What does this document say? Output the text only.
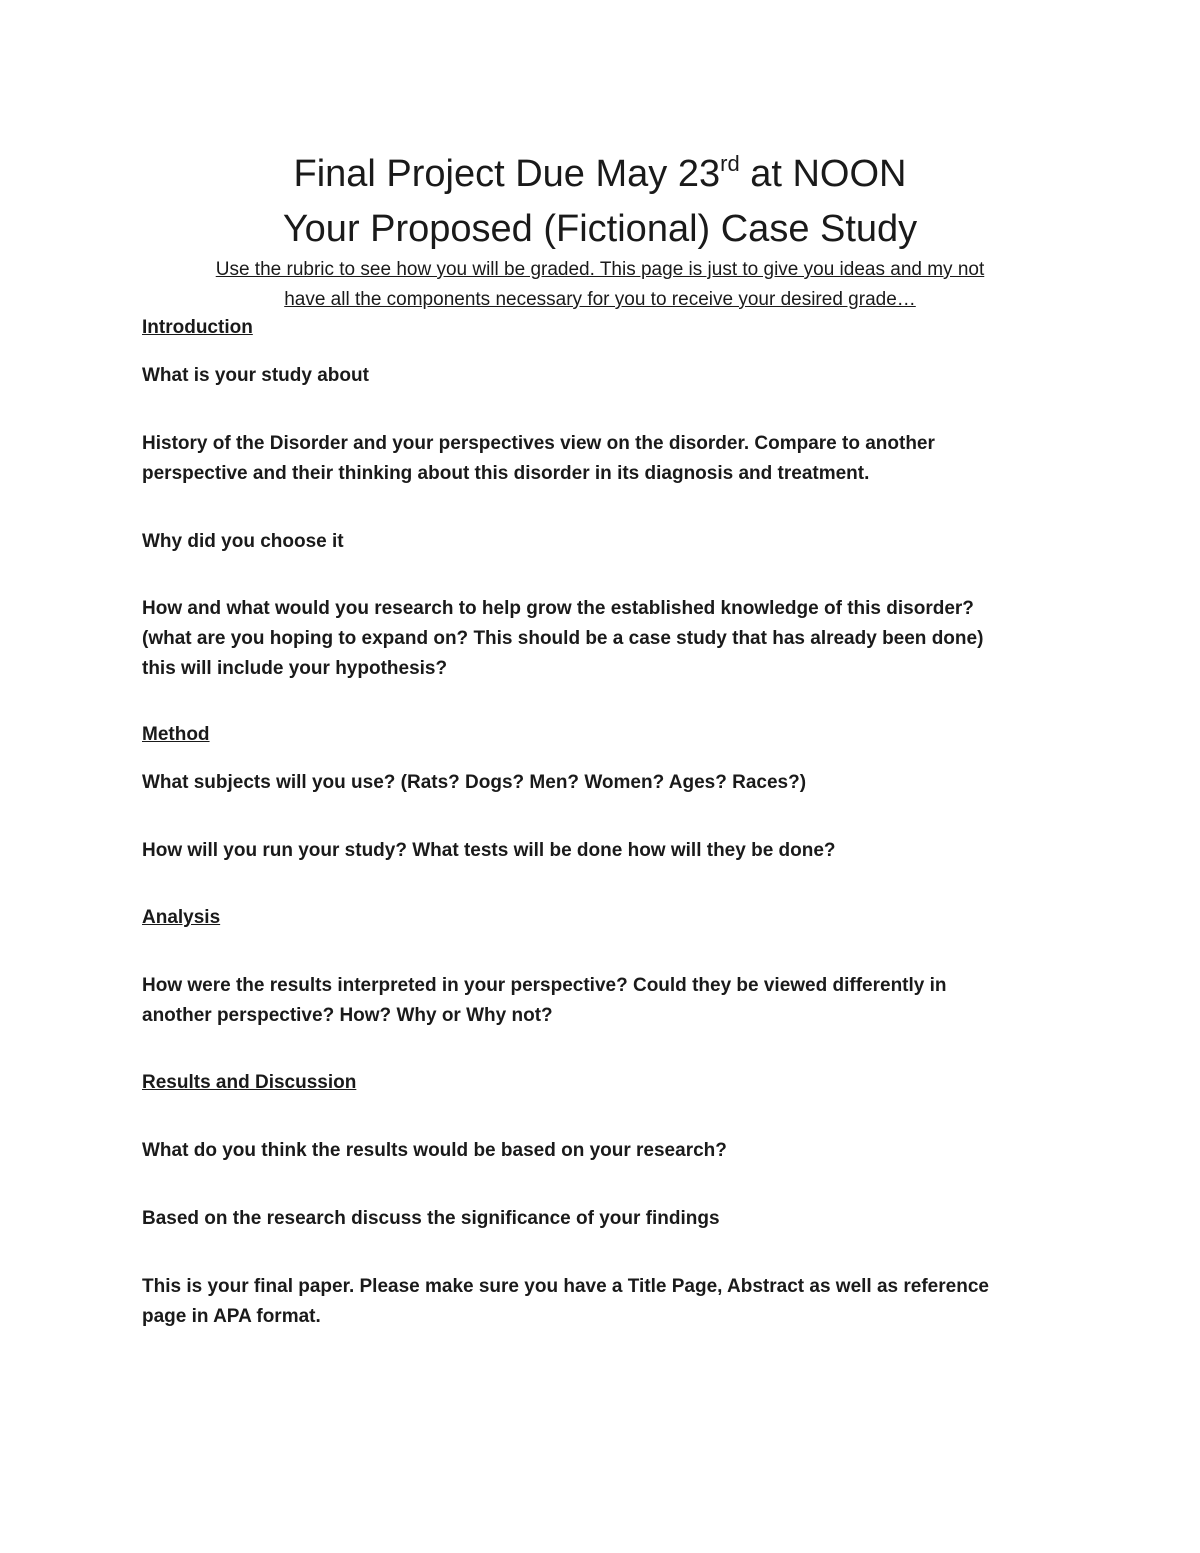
Final Project Due May 23rd at NOON
Your Proposed (Fictional) Case Study
Use the rubric to see how you will be graded. This page is just to give you ideas and my not
have all the components necessary for you to receive your desired grade…
Introduction
What is your study about
History of the Disorder and your perspectives view on the disorder. Compare to another
perspective and their thinking about this disorder in its diagnosis and treatment.
Why did you choose it
How and what would you research to help grow the established knowledge of this disorder?
(what are you hoping to expand on? This should be a case study that has already been done)
this will include your hypothesis?
Method
What subjects will you use? (Rats? Dogs? Men? Women? Ages? Races?)
How will you run your study? What tests will be done how will they be done?
Analysis
How were the results interpreted in your perspective? Could they be viewed differently in
another perspective? How? Why or Why not?
Results and Discussion
What do you think the results would be based on your research?
Based on the research discuss the significance of your findings
This is your final paper. Please make sure you have a Title Page, Abstract as well as reference
page in APA format.
